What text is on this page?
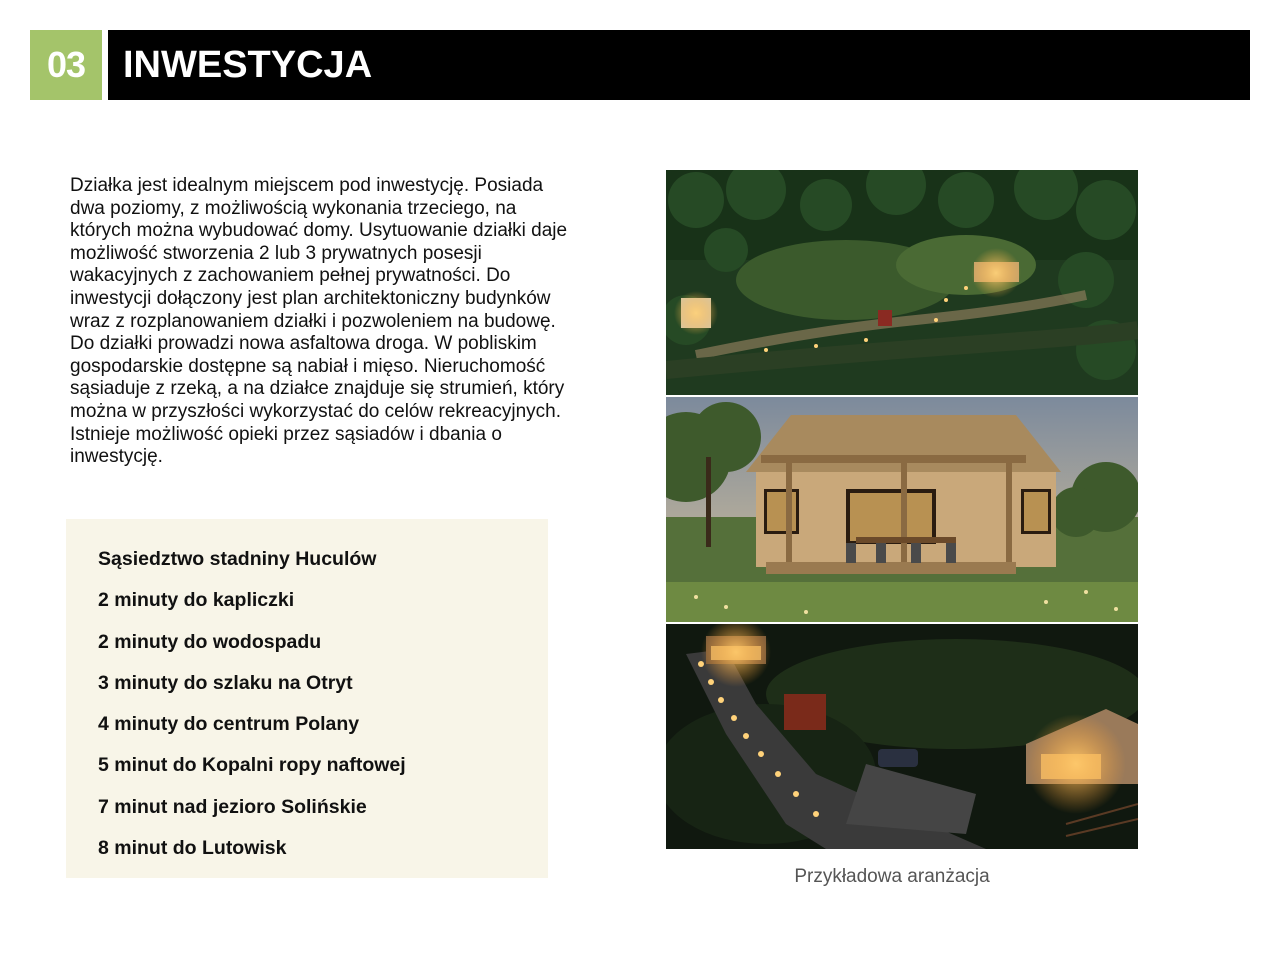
03 INWESTYCJA

Działka jest idealnym miejscem pod inwestycję. Posiada dwa poziomy, z możliwością wykonania trzeciego, na których można wybudować domy. Usytuowanie działki daje możliwość stworzenia 2 lub 3 prywatnych posesji wakacyjnych z zachowaniem pełnej prywatności. Do inwestycji dołączony jest plan architektoniczny budynków wraz z rozplanowaniem działki i pozwoleniem na budowę. Do działki prowadzi nowa asfaltowa droga. W pobliskim gospodarskie dostępne są nabiał i mięso. Nieruchomość sąsiaduje z rzeką, a na działce znajduje się strumień, który można w przyszłości wykorzystać do celów rekreacyjnych. Istnieje możliwość opieki przez sąsiadów i dbania o inwestycję.

Sąsiedztwo stadniny Huculów
2 minuty do kapliczki
2 minuty do wodospadu
3 minuty do szlaku na Otryt
4 minuty do centrum Polany
5 minut do Kopalni ropy naftowej
7 minut nad jezioro Solińskie
8 minut do Lutowisk
Przykładowa aranżacja
